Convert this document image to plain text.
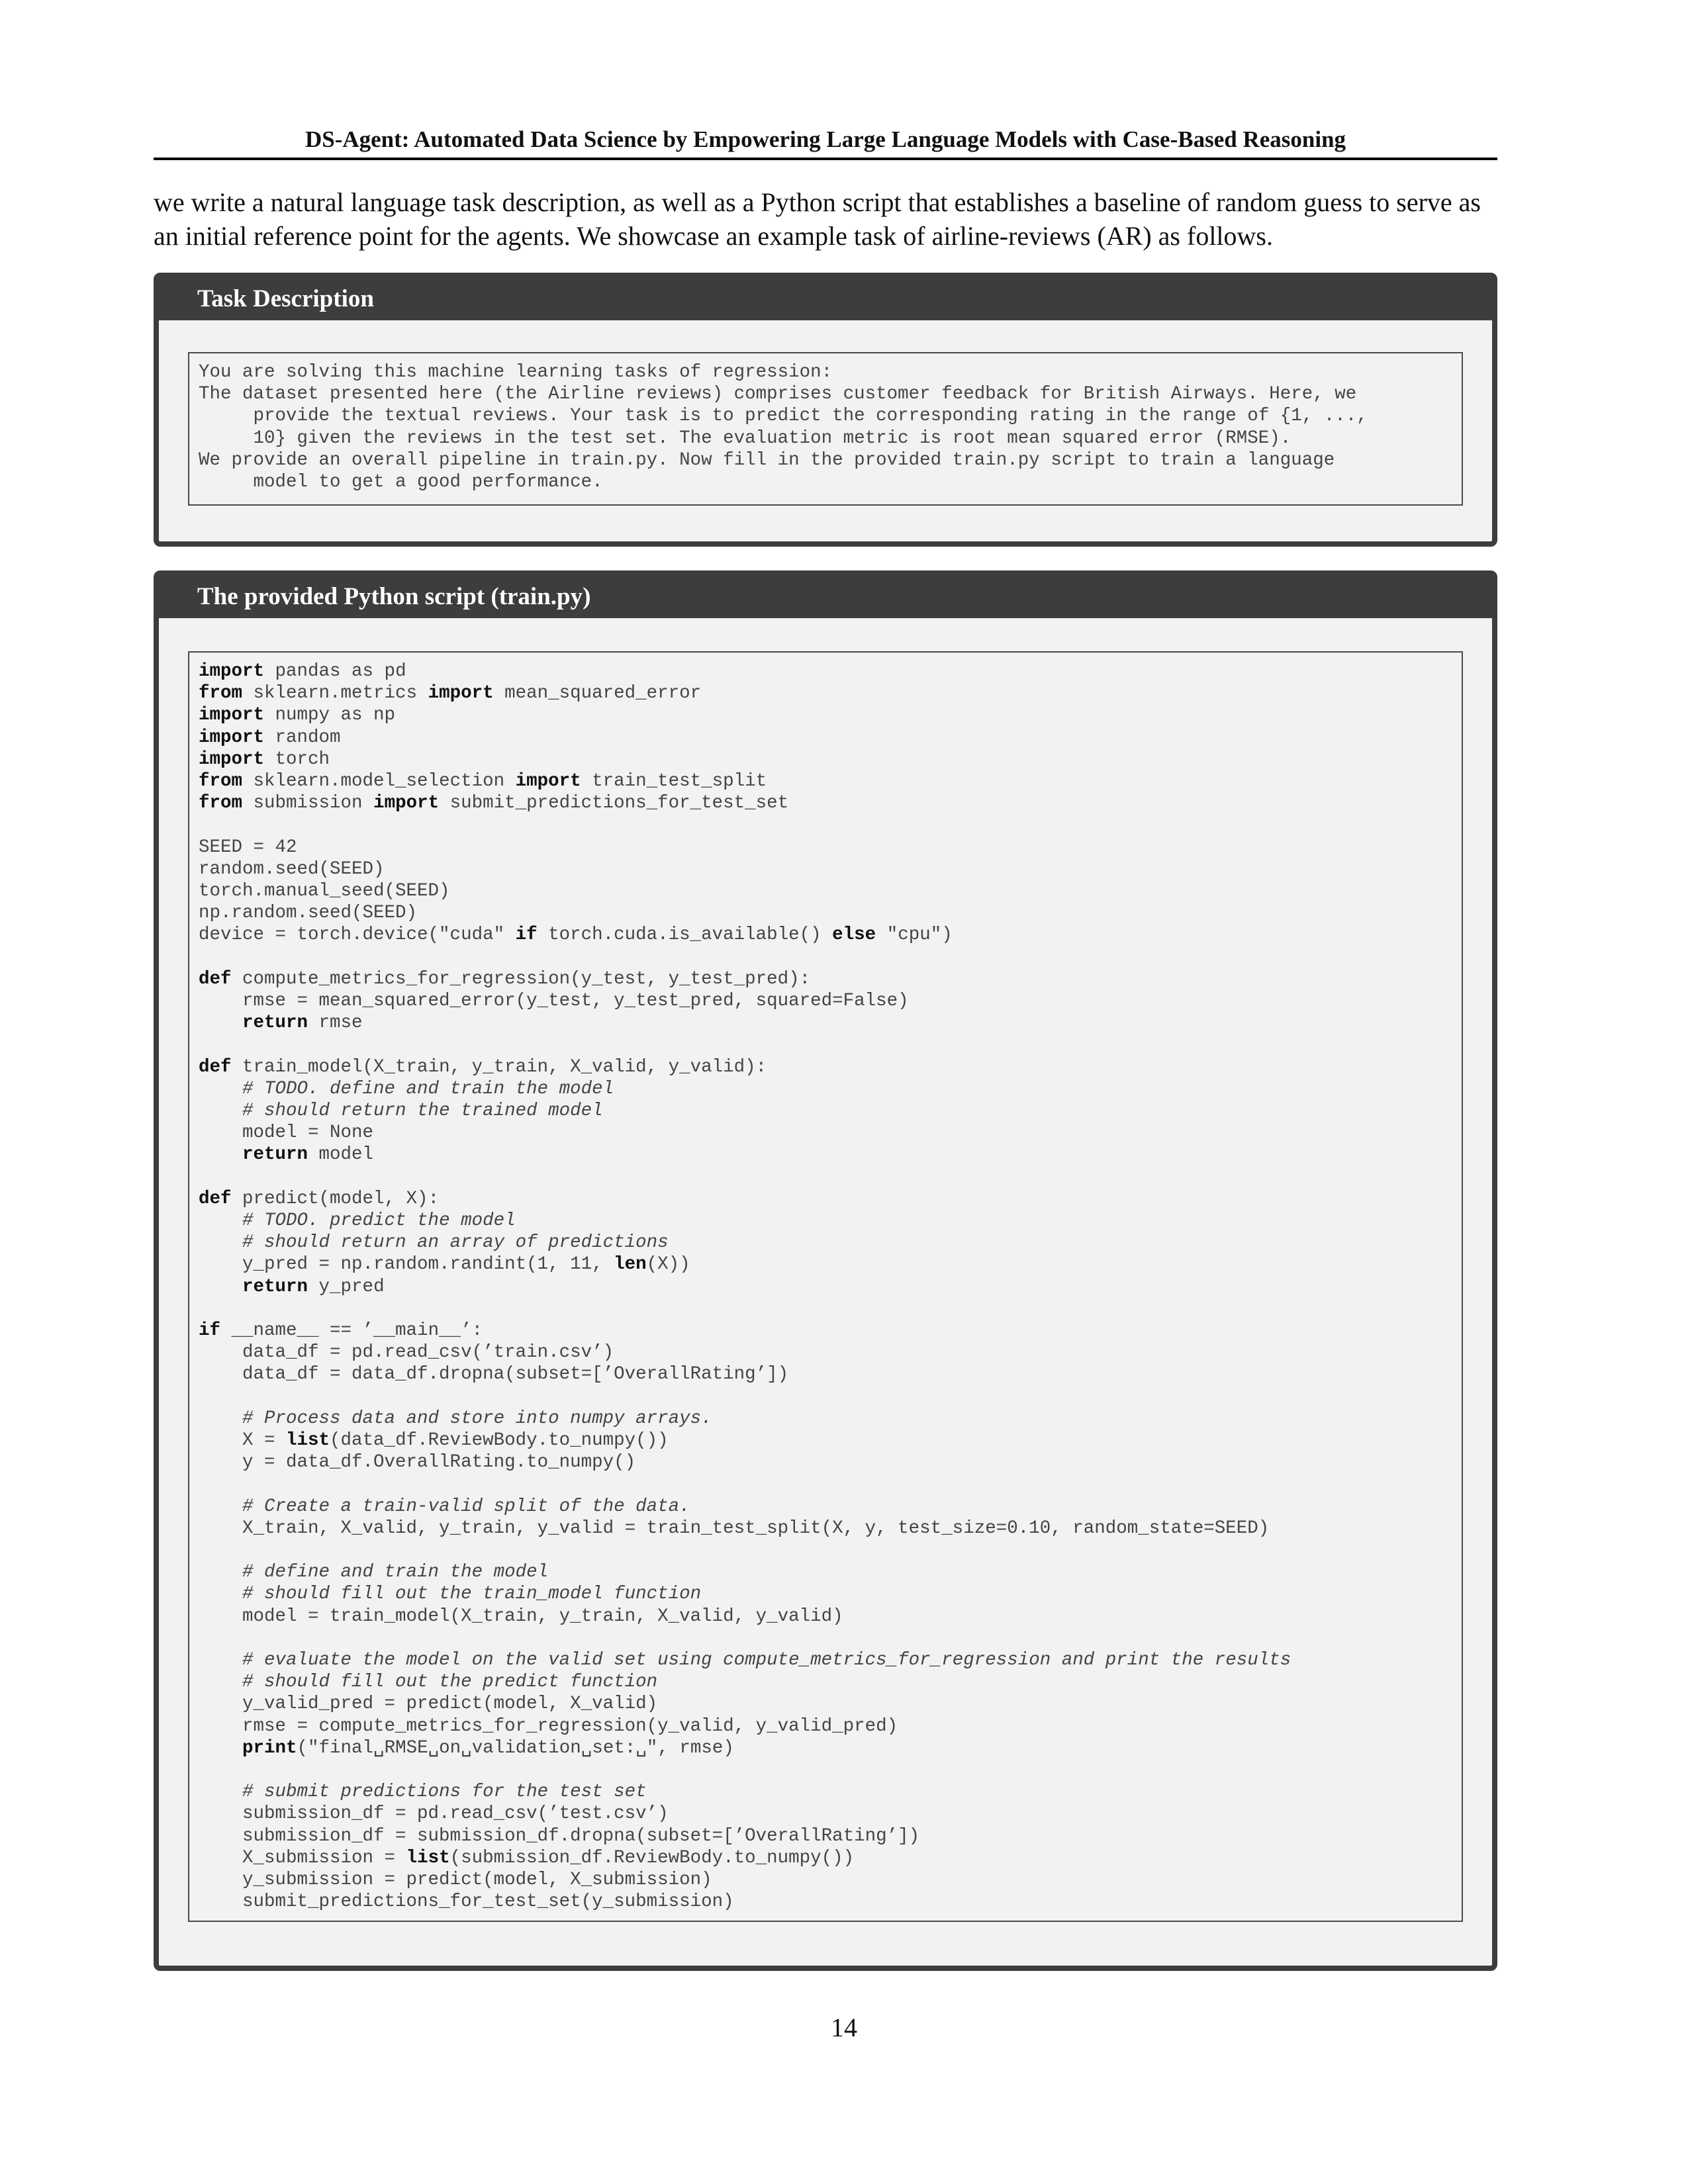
DS-Agent: Automated Data Science by Empowering Large Language Models with Case-Based Reasoning

we write a natural language task description, as well as a Python script that establishes a baseline of random guess to serve as an initial reference point for the agents. We showcase an example task of airline-reviews (AR) as follows.

Task Description
You are solving this machine learning tasks of regression:
The dataset presented here (the Airline reviews) comprises customer feedback for British Airways. Here, we
provide the textual reviews. Your task is to predict the corresponding rating in the range of {1, ...,
10} given the reviews in the test set. The evaluation metric is root mean squared error (RMSE).
We provide an overall pipeline in train.py. Now fill in the provided train.py script to train a language
model to get a good performance.
The provided Python script (train.py)
import pandas as pd
from sklearn.metrics import mean_squared_error
import numpy as np
import random
import torch
from sklearn.model_selection import train_test_split
from submission import submit_predictions_for_test_set
SEED = 42
random.seed(SEED)
torch.manual_seed(SEED)
np.random.seed(SEED)
device = torch.device("cuda" if torch.cuda.is_available() else "cpu")
def compute_metrics_for_regression(y_test, y_test_pred):
rmse = mean_squared_error(y_test, y_test_pred, squared=False)
return rmse
def train_model(X_train, y_train, X_valid, y_valid):
# TODO. define and train the model
# should return the trained model
model = None
return model
def predict(model, X):
# TODO. predict the model
# should return an array of predictions
y_pred = np.random.randint(1, 11, len(X))
return y_pred
if __name__ == ’__main__’:
data_df = pd.read_csv(’train.csv’)
data_df = data_df.dropna(subset=[’OverallRating’])
# Process data and store into numpy arrays.
X = list(data_df.ReviewBody.to_numpy())
y = data_df.OverallRating.to_numpy()
# Create a train-valid split of the data.
X_train, X_valid, y_train, y_valid = train_test_split(X, y, test_size=0.10, random_state=SEED)
# define and train the model
# should fill out the train_model function
model = train_model(X_train, y_train, X_valid, y_valid)
# evaluate the model on the valid set using compute_metrics_for_regression and print the results
# should fill out the predict function
y_valid_pred = predict(model, X_valid)
rmse = compute_metrics_for_regression(y_valid, y_valid_pred)
print("final␣RMSE␣on␣validation␣set:␣", rmse)
# submit predictions for the test set
submission_df = pd.read_csv(’test.csv’)
submission_df = submission_df.dropna(subset=[’OverallRating’])
X_submission = list(submission_df.ReviewBody.to_numpy())
y_submission = predict(model, X_submission)
submit_predictions_for_test_set(y_submission)
14
